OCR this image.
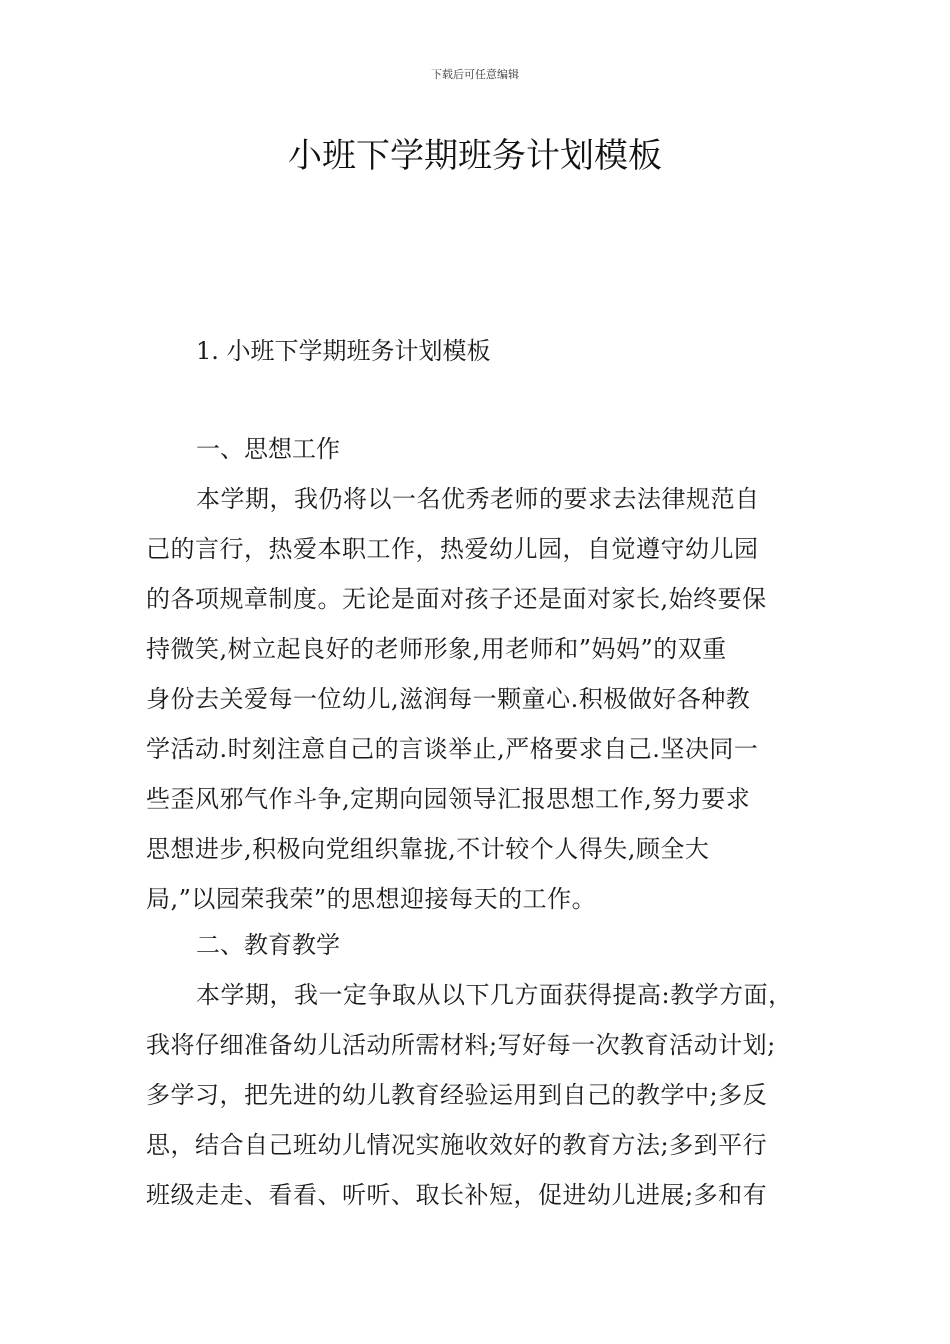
下载后可任意编辑
小班下学期班务计划模板
1. 小班下学期班务计划模板
一、思想工作
本学期，我仍将以一名优秀老师的要求去法律规范自
己的言行，热爱本职工作，热爱幼儿园，自觉遵守幼儿园
的各项规章制度。无论是面对孩子还是面对家长,始终要保
持微笑,树立起良好的老师形象,用老师和”妈妈”的双重
身份去关爱每一位幼儿,滋润每一颗童心.积极做好各种教
学活动.时刻注意自己的言谈举止,严格要求自己.坚决同一
些歪风邪气作斗争,定期向园领导汇报思想工作,努力要求
思想进步,积极向党组织靠拢,不计较个人得失,顾全大
局,”以园荣我荣”的思想迎接每天的工作。
二、教育教学
本学期，我一定争取从以下几方面获得提高:教学方面，
我将仔细准备幼儿活动所需材料;写好每一次教育活动计划;
多学习，把先进的幼儿教育经验运用到自己的教学中;多反
思，结合自己班幼儿情况实施收效好的教育方法;多到平行
班级走走、看看、听听、取长补短，促进幼儿进展;多和有
